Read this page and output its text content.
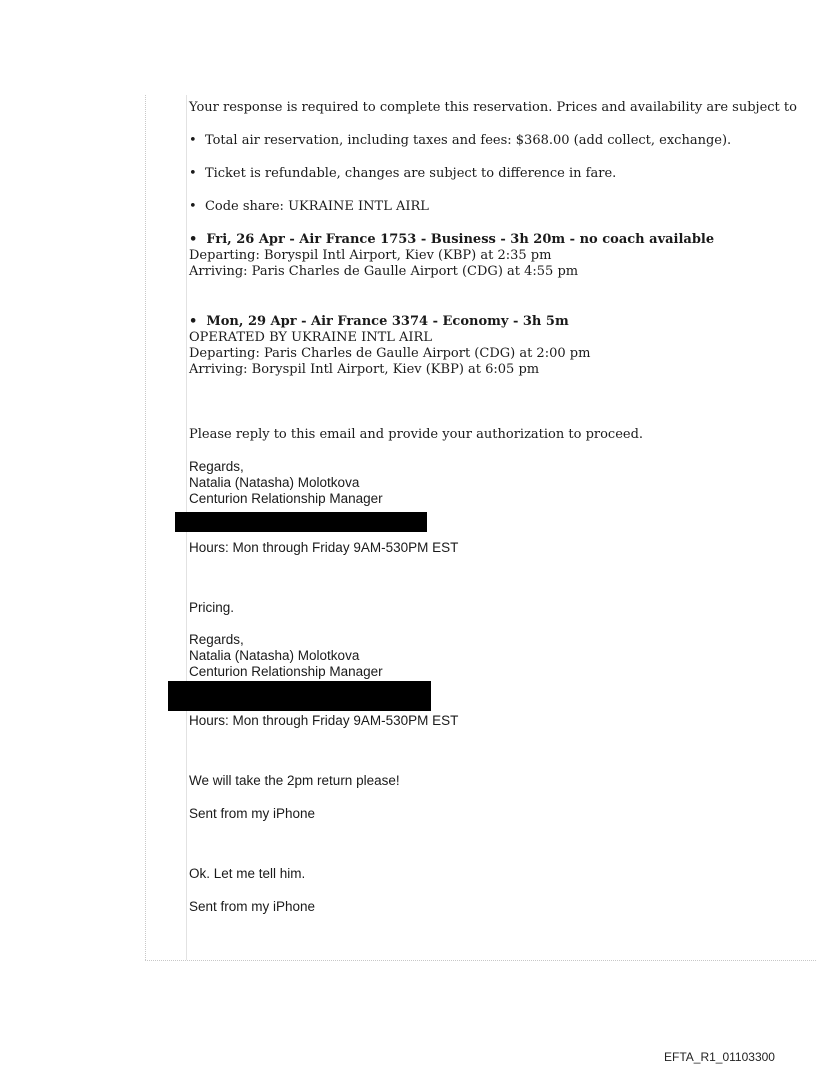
Your response is required to complete this reservation. Prices and availability are subject to

• Total air reservation, including taxes and fees: $368.00 (add collect, exchange).

• Ticket is refundable, changes are subject to difference in fare.

• Code share: UKRAINE INTL AIRL

• Fri, 26 Apr - Air France 1753 - Business - 3h 20m - no coach available

Departing: Boryspil Intl Airport, Kiev (KBP) at 2:35 pm

Arriving: Paris Charles de Gaulle Airport (CDG) at 4:55 pm

• Mon, 29 Apr - Air France 3374 - Economy - 3h 5m

OPERATED BY UKRAINE INTL AIRL

Departing: Paris Charles de Gaulle Airport (CDG) at 2:00 pm

Arriving: Boryspil Intl Airport, Kiev (KBP) at 6:05 pm

Please reply to this email and provide your authorization to proceed.

Regards,

Natalia (Natasha) Molotkova

Centurion Relationship Manager

Hours: Mon through Friday 9AM-530PM EST

Pricing.

Regards,

Natalia (Natasha) Molotkova

Centurion Relationship Manager

Hours: Mon through Friday 9AM-530PM EST

We will take the 2pm return please!

Sent from my iPhone

Ok. Let me tell him.

Sent from my iPhone

EFTA_R1_01103300
